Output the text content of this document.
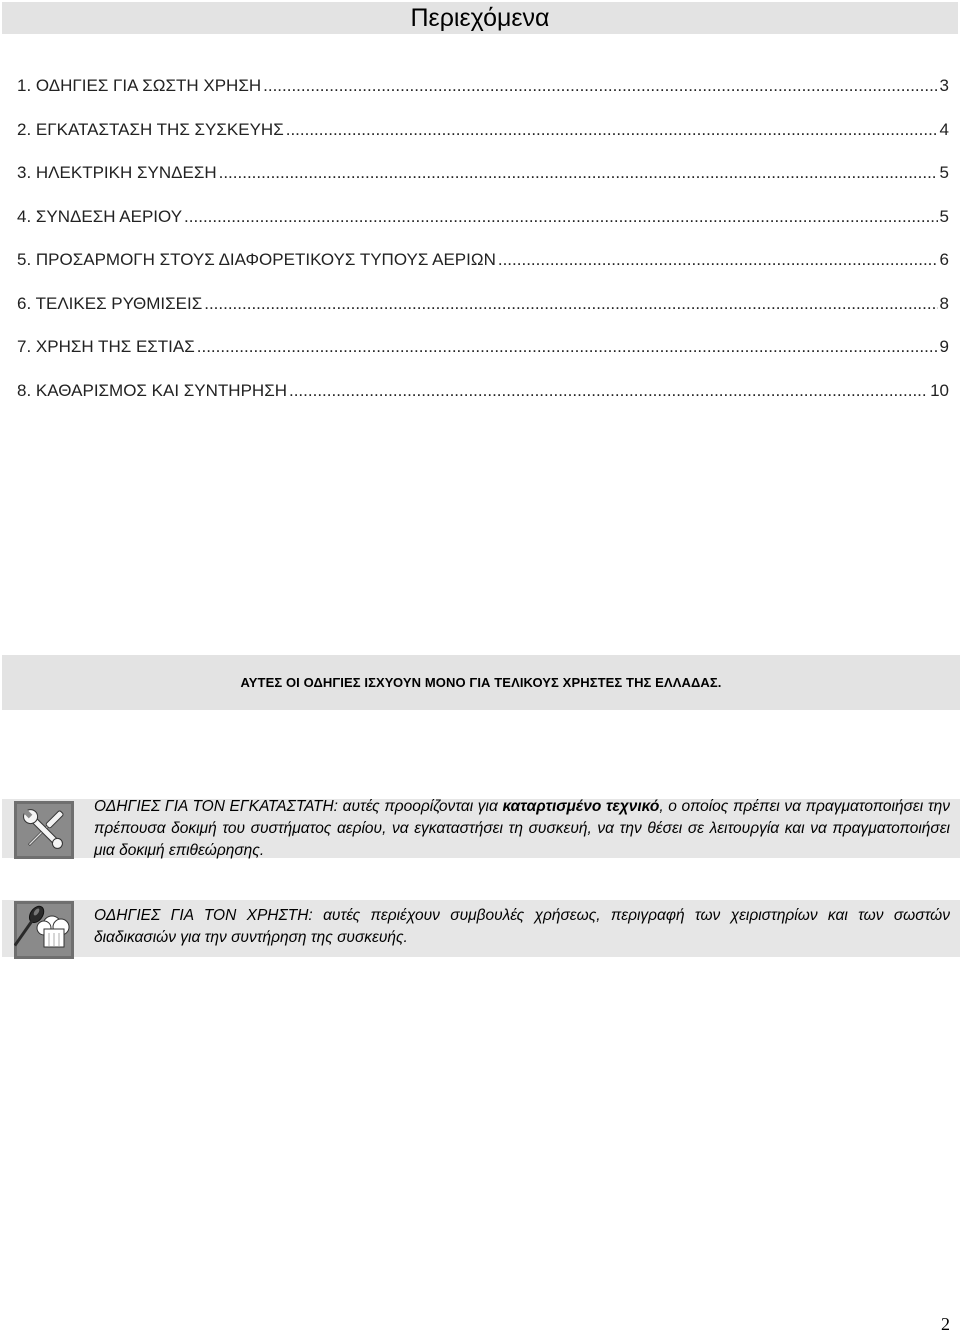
Περιεχόμενα
1. ΟΔΗΓΙΕΣ ΓΙΑ ΣΩΣΤΗ ΧΡΗΣΗ .....	3
2. ΕΓΚΑΤΑΣΤΑΣΗ ΤΗΣ ΣΥΣΚΕΥΗΣ .....	4
3. ΗΛΕΚΤΡΙΚΗ ΣΥΝΔΕΣΗ .....	5
4. ΣΥΝΔΕΣΗ ΑΕΡΙΟΥ .....	5
5. ΠΡΟΣΑΡΜΟΓΗ ΣΤΟΥΣ ΔΙΑΦΟΡΕΤΙΚΟΥΣ ΤΥΠΟΥΣ ΑΕΡΙΩΝ .....	6
6. ΤΕΛΙΚΕΣ ΡΥΘΜΙΣΕΙΣ .....	8
7. ΧΡΗΣΗ ΤΗΣ ΕΣΤΙΑΣ .....	9
8. ΚΑΘΑΡΙΣΜΟΣ ΚΑΙ ΣΥΝΤΗΡΗΣΗ .....	10
ΑΥΤΕΣ ΟΙ ΟΔΗΓΙΕΣ ΙΣΧΥΟΥΝ ΜΟΝΟ ΓΙΑ ΤΕΛΙΚΟΥΣ ΧΡΗΣΤΕΣ ΤΗΣ ΕΛΛΑΔΑΣ.
ΟΔΗΓΙΕΣ ΓΙΑ ΤΟΝ ΕΓΚΑΤΑΣΤΑΤΗ: αυτές προορίζονται για καταρτισμένο τεχνικό, ο οποίος πρέπει να πραγματοποιήσει την πρέπουσα δοκιμή του συστήματος αερίου, να εγκαταστήσει τη συσκευή, να την θέσει σε λειτουργία και να πραγματοποιήσει μια δοκιμή επιθεώρησης.
ΟΔΗΓΙΕΣ ΓΙΑ ΤΟΝ ΧΡΗΣΤΗ: αυτές περιέχουν συμβουλές χρήσεως, περιγραφή των χειριστηρίων και των σωστών διαδικασιών για την συντήρηση της συσκευής.
2
